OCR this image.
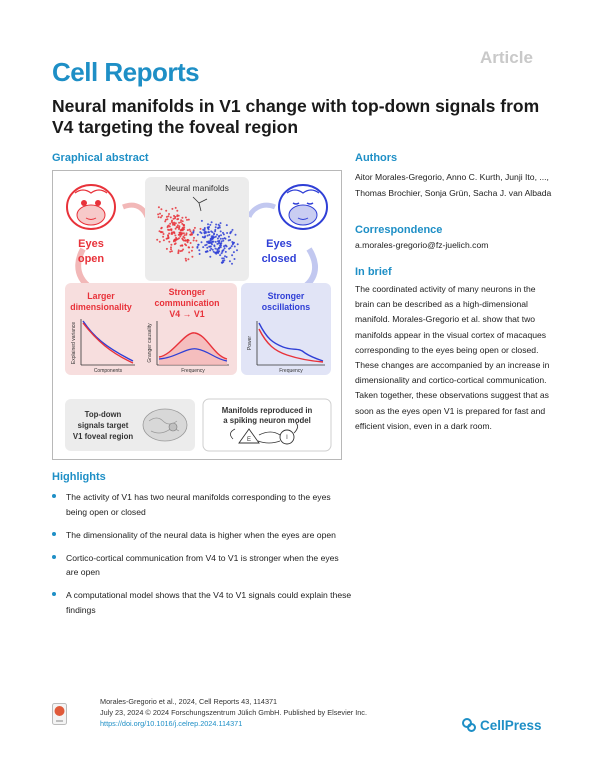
Article
Cell Reports
Neural manifolds in V1 change with top-down signals from V4 targeting the foveal region
Graphical abstract
Eyes
open
Eyes
closed
Neural manifolds
Larger
dimensionality
Stronger
communication
V4 → V1
Explained variance
Components
Granger causality
Frequency
Stronger
oscillations
Power
Frequency
Top-down
signals target
V1 foveal region
Manifolds reproduced in
a spiking neuron model
E	I
Authors
Aitor Morales-Gregorio, Anno C. Kurth, Junji Ito, ..., Thomas Brochier, Sonja Grün, Sacha J. van Albada
Correspondence
a.morales-gregorio@fz-juelich.com
In brief
The coordinated activity of many neurons in the brain can be described as a high-dimensional manifold. Morales-Gregorio et al. show that two manifolds appear in the visual cortex of macaques corresponding to the eyes being open or closed. These changes are accompanied by an increase in dimensionality and cortico-cortical communication. Taken together, these observations suggest that as soon as the eyes open V1 is prepared for fast and efficient vision, even in a dark room.
Highlights
The activity of V1 has two neural manifolds corresponding to the eyes being open or closed
The dimensionality of the neural data is higher when the eyes are open
Cortico-cortical communication from V4 to V1 is stronger when the eyes are open
A computational model shows that the V4 to V1 signals could explain these findings
Morales-Gregorio et al., 2024, Cell Reports 43, 114371
July 23, 2024 © 2024 Forschungszentrum Jülich GmbH. Published by Elsevier Inc.
https://doi.org/10.1016/j.celrep.2024.114371	CellPress
